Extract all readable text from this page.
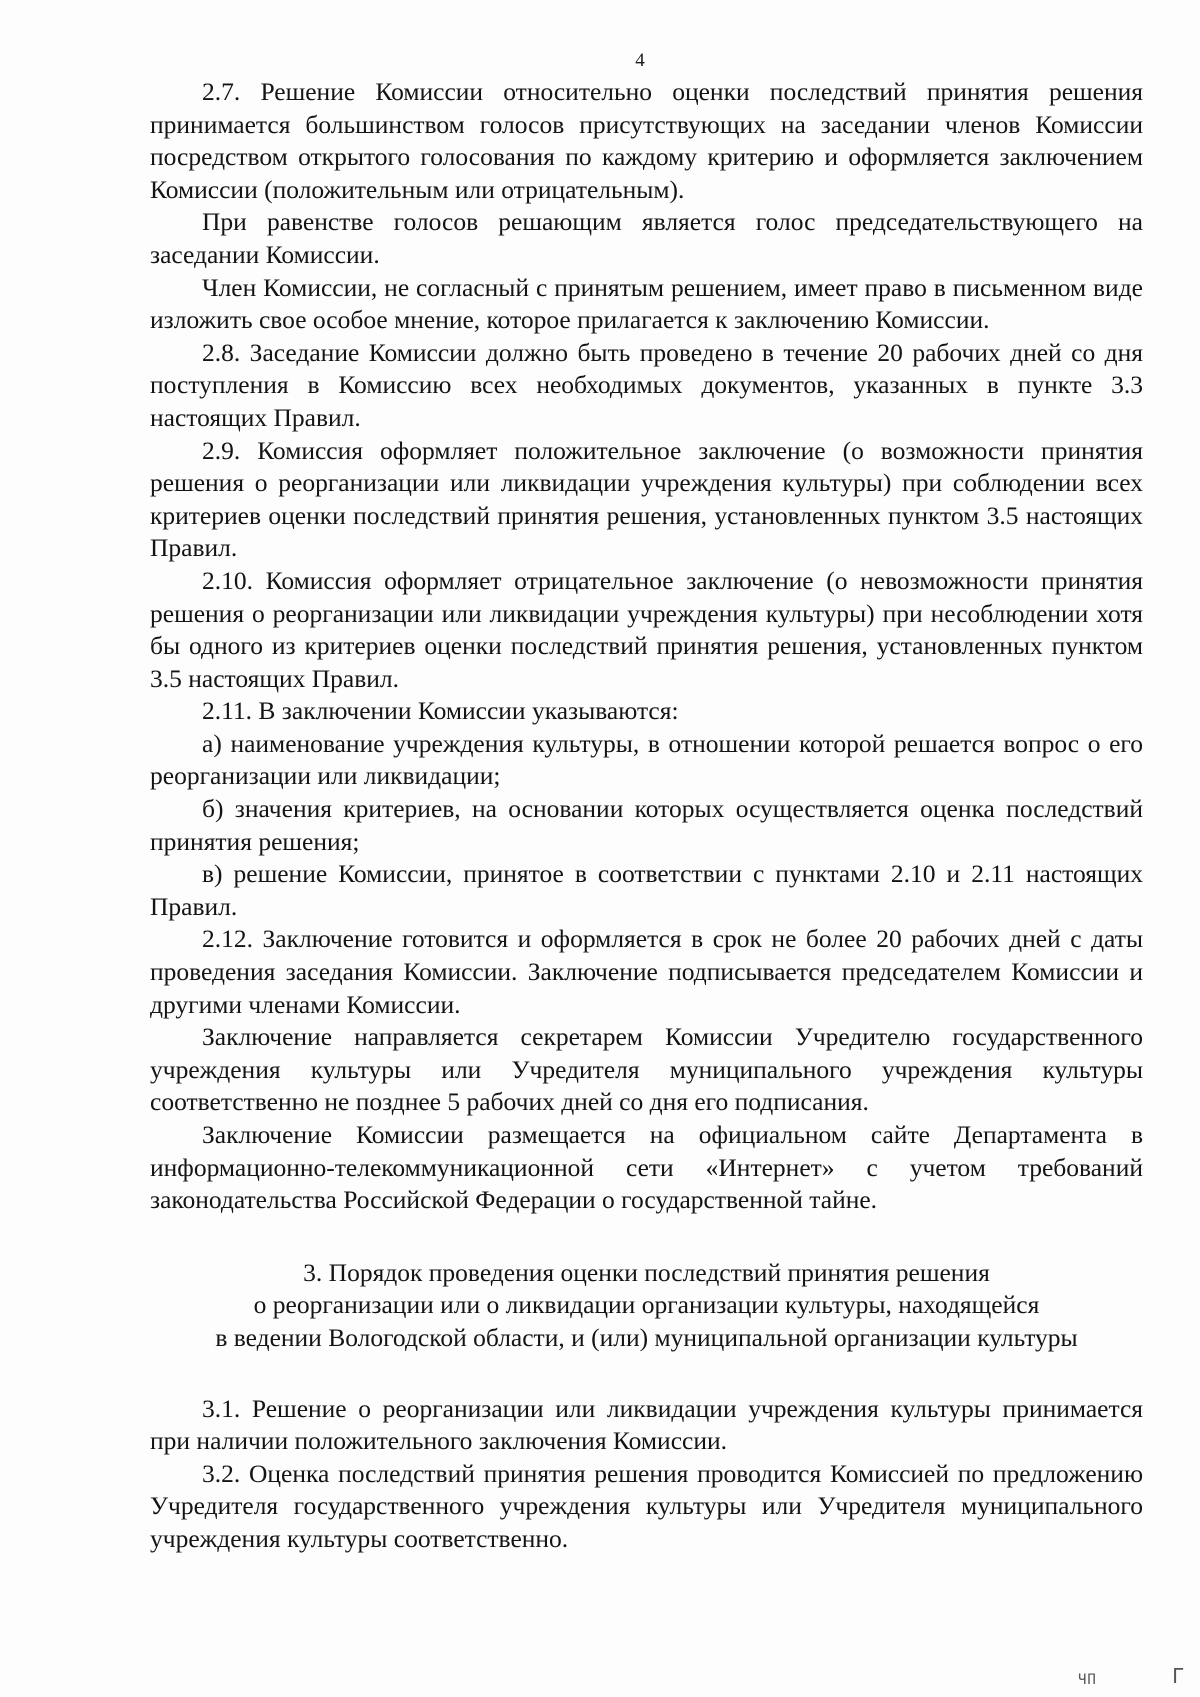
4

2.7. Решение Комиссии относительно оценки последствий принятия решения принимается большинством голосов присутствующих на заседании членов Комиссии посредством открытого голосования по каждому критерию и оформляется заключением Комиссии (положительным или отрицательным).

При равенстве голосов решающим является голос председательствующего на заседании Комиссии.

Член Комиссии, не согласный с принятым решением, имеет право в письменном виде изложить свое особое мнение, которое прилагается к заключению Комиссии.

2.8. Заседание Комиссии должно быть проведено в течение 20 рабочих дней со дня поступления в Комиссию всех необходимых документов, указанных в пункте 3.3 настоящих Правил.

2.9. Комиссия оформляет положительное заключение (о возможности принятия решения о реорганизации или ликвидации учреждения культуры) при соблюдении всех критериев оценки последствий принятия решения, установленных пунктом 3.5 настоящих Правил.

2.10. Комиссия оформляет отрицательное заключение (о невозможности принятия решения о реорганизации или ликвидации учреждения культуры) при несоблюдении хотя бы одного из критериев оценки последствий принятия решения, установленных пунктом 3.5 настоящих Правил.

2.11. В заключении Комиссии указываются:

а) наименование учреждения культуры, в отношении которой решается вопрос о его реорганизации или ликвидации;

б) значения критериев, на основании которых осуществляется оценка последствий принятия решения;

в) решение Комиссии, принятое в соответствии с пунктами 2.10 и 2.11 настоящих Правил.

2.12. Заключение готовится и оформляется в срок не более 20 рабочих дней с даты проведения заседания Комиссии. Заключение подписывается председателем Комиссии и другими членами Комиссии.

Заключение направляется секретарем Комиссии Учредителю государственного учреждения культуры или Учредителя муниципального учреждения культуры соответственно не позднее 5 рабочих дней со дня его подписания.

Заключение Комиссии размещается на официальном сайте Департамента в информационно-телекоммуникационной сети «Интернет» с учетом требований законодательства Российской Федерации о государственной тайне.

3. Порядок проведения оценки последствий принятия решения
о реорганизации или о ликвидации организации культуры, находящейся
в ведении Вологодской области, и (или) муниципальной организации культуры

3.1. Решение о реорганизации или ликвидации учреждения культуры принимается при наличии положительного заключения Комиссии.

3.2. Оценка последствий принятия решения проводится Комиссией по предложению Учредителя государственного учреждения культуры или Учредителя муниципального учреждения культуры соответственно.

ЧП	Г
